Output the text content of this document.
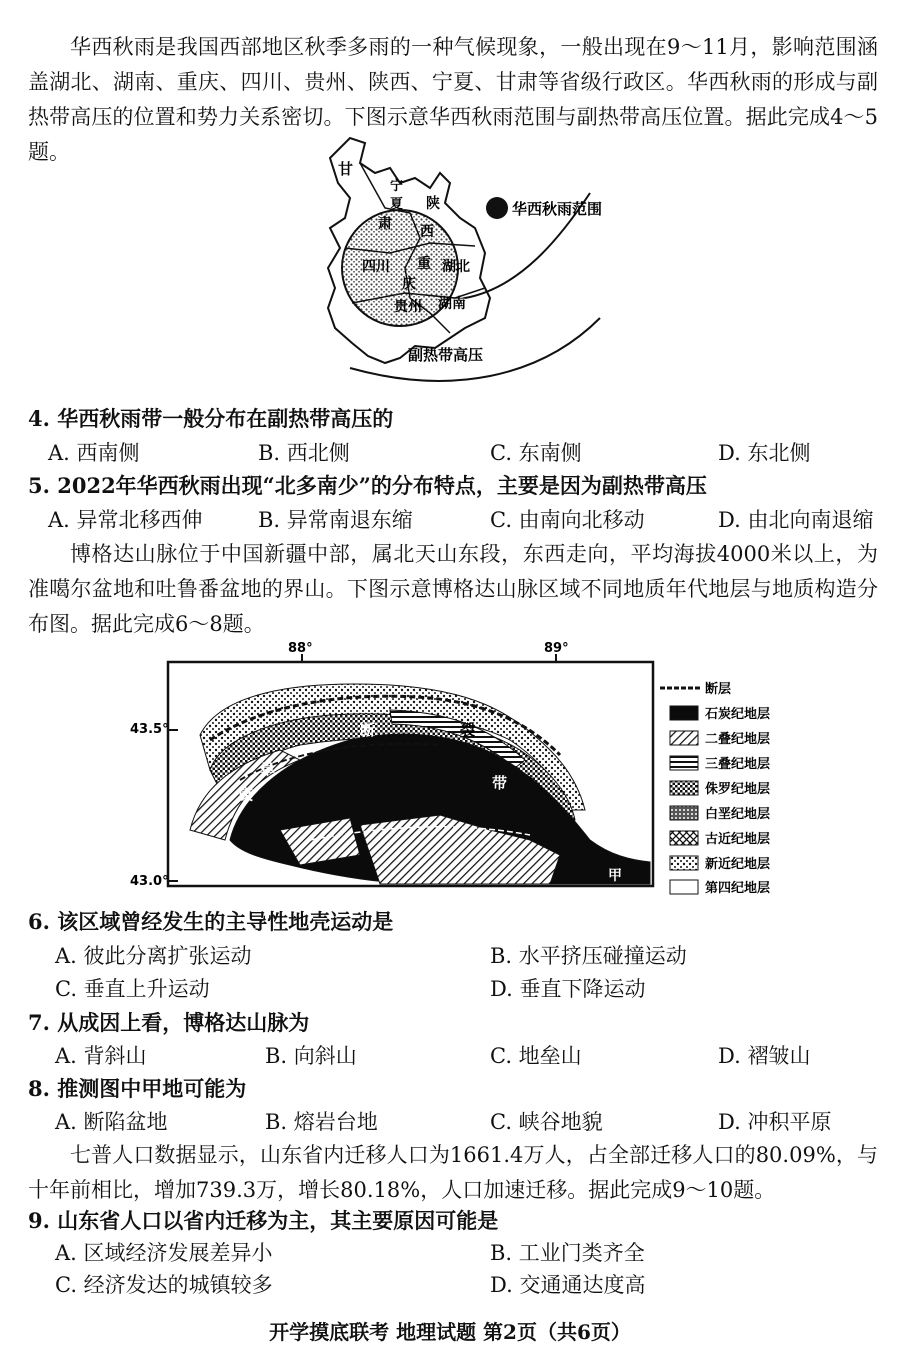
华西秋雨是我国西部地区秋季多雨的一种气候现象，一般出现在9～11月，影响范围涵盖湖北、湖南、重庆、四川、贵州、陕西、宁夏、甘肃等省级行政区。华西秋雨的形成与副热带高压的位置和势力关系密切。下图示意华西秋雨范围与副热带高压位置。据此完成4～5题。
华西秋雨范围
副热带高压
甘
宁
夏 陕
肃 西
四川 重 湖北
庆
贵州 湖南
4. 华西秋雨带一般分布在副热带高压的
A. 西南侧	B. 西北侧	C. 东南侧	D. 东北侧
5. 2022年华西秋雨出现“北多南少”的分布特点，主要是因为副热带高压
A. 异常北移西伸	B. 异常南退东缩	C. 由南向北移动	D. 由北向南退缩
博格达山脉位于中国新疆中部，属北天山东段，东西走向，平均海拔4000米以上，为准噶尔盆地和吐鲁番盆地的界山。下图示意博格达山脉区域不同地质年代地层与地质构造分布图。据此完成6～8题。
88°	89°
43.5°
43.0°
断	裂
带
阜
康
甲
断层
石炭纪地层
二叠纪地层
三叠纪地层
侏罗纪地层
白垩纪地层
古近纪地层
新近纪地层
第四纪地层
6. 该区域曾经发生的主导性地壳运动是
A. 彼此分离扩张运动	B. 水平挤压碰撞运动
C. 垂直上升运动	D. 垂直下降运动
7. 从成因上看，博格达山脉为
A. 背斜山	B. 向斜山	C. 地垒山	D. 褶皱山
8. 推测图中甲地可能为
A. 断陷盆地	B. 熔岩台地	C. 峡谷地貌	D. 冲积平原
七普人口数据显示，山东省内迁移人口为1661.4万人，占全部迁移人口的80.09%，与十年前相比，增加739.3万，增长80.18%，人口加速迁移。据此完成9～10题。
9. 山东省人口以省内迁移为主，其主要原因可能是
A. 区域经济发展差异小	B. 工业门类齐全
C. 经济发达的城镇较多	D. 交通通达度高
开学摸底联考 地理试题 第2页（共6页）
